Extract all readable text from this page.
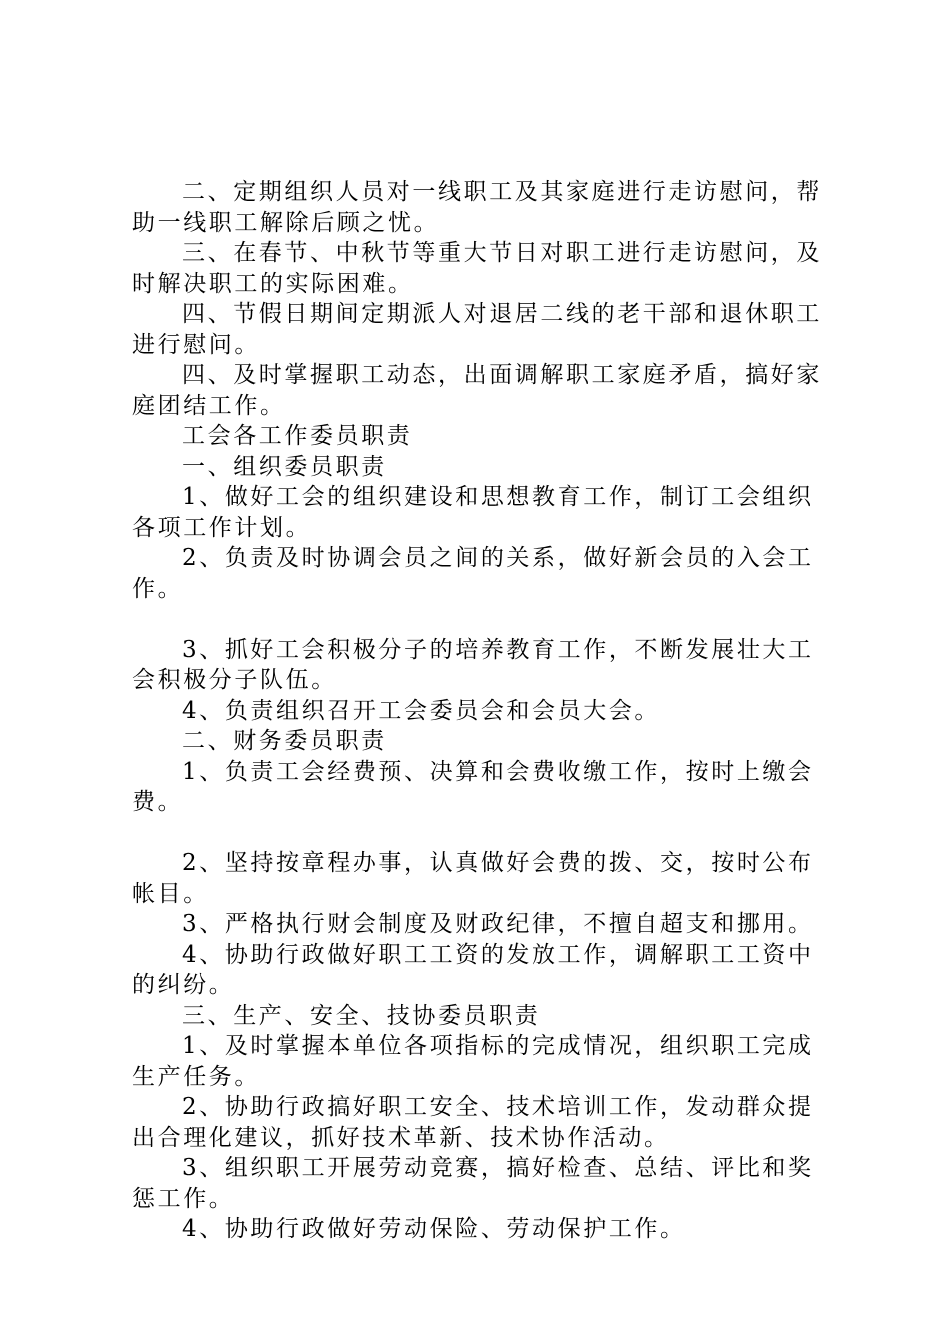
二、定期组织人员对一线职工及其家庭进行走访慰问，帮助一线职工解除后顾之忧。

三、在春节、中秋节等重大节日对职工进行走访慰问，及时解决职工的实际困难。

四、节假日期间定期派人对退居二线的老干部和退休职工进行慰问。

四、及时掌握职工动态，出面调解职工家庭矛盾，搞好家庭团结工作。

工会各工作委员职责

一、组织委员职责

1、做好工会的组织建设和思想教育工作，制订工会组织各项工作计划。

2、负责及时协调会员之间的关系，做好新会员的入会工作。

3、抓好工会积极分子的培养教育工作，不断发展壮大工会积极分子队伍。

4、负责组织召开工会委员会和会员大会。

二、财务委员职责

1、负责工会经费预、决算和会费收缴工作，按时上缴会费。

2、坚持按章程办事，认真做好会费的拨、交，按时公布帐目。

3、严格执行财会制度及财政纪律，不擅自超支和挪用。

4、协助行政做好职工工资的发放工作，调解职工工资中的纠纷。

三、生产、安全、技协委员职责

1、及时掌握本单位各项指标的完成情况，组织职工完成生产任务。

2、协助行政搞好职工安全、技术培训工作，发动群众提出合理化建议，抓好技术革新、技术协作活动。

3、组织职工开展劳动竞赛，搞好检查、总结、评比和奖惩工作。

4、协助行政做好劳动保险、劳动保护工作。
